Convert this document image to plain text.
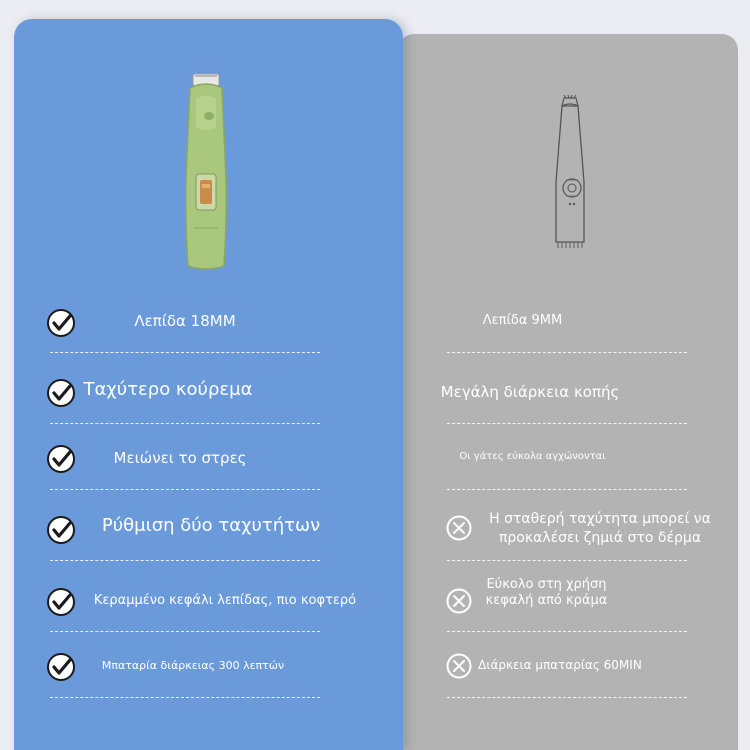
Λεπίδα 18MM
Ταχύτερο κούρεμα
Μειώνει το στρες
Ρύθμιση δύο ταχυτήτων
Κεραμμένο κεφάλι λεπίδας, πιο κοφτερό
Μπαταρία διάρκειας 300 λεπτών
Λεπίδα 9MM
Μεγάλη διάρκεια κοπής
Οι γάτες εύκολα αγχώνονται
Η σταθερή ταχύτητα μπορεί να προκαλέσει ζημιά στο δέρμα
Εύκολο στη χρήση κεφαλή από κράμα
Διάρκεια μπαταρίας 60MIN
